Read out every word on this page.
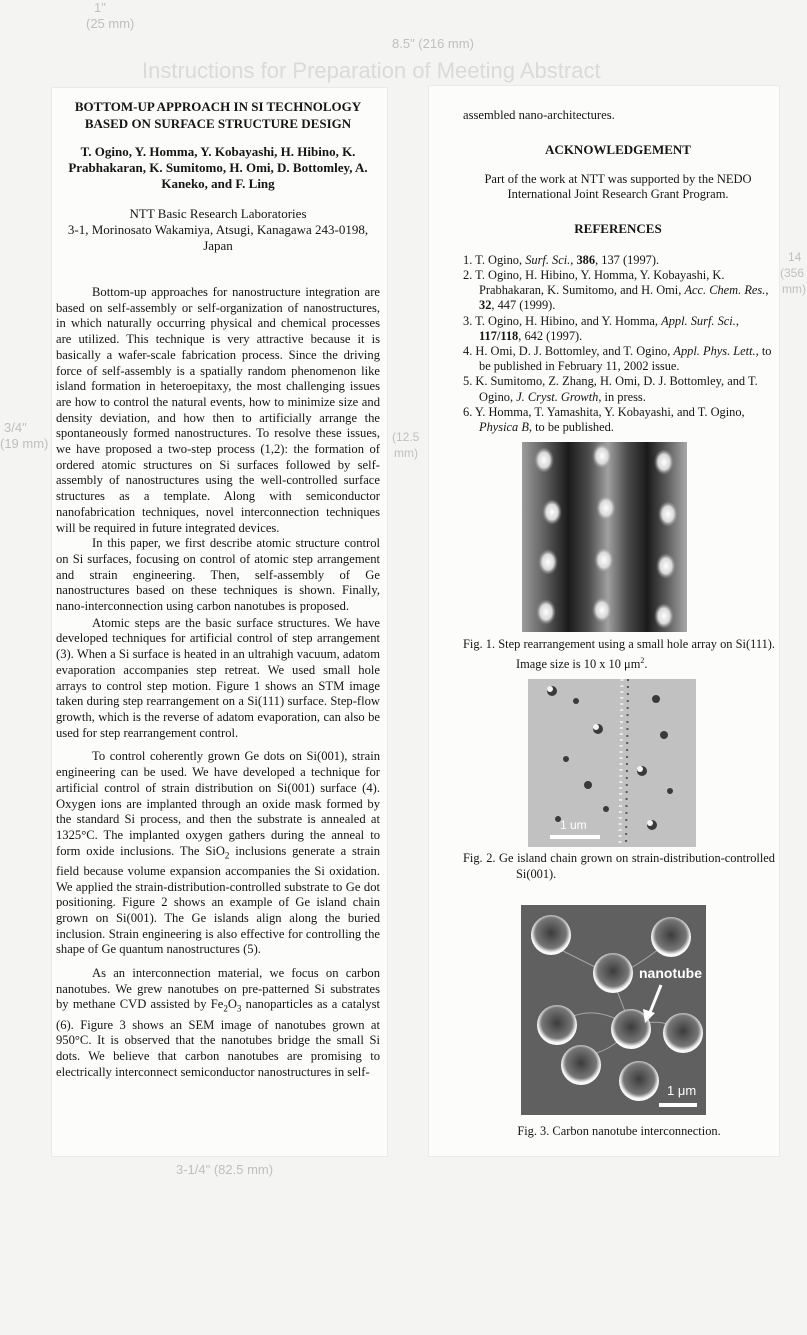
1"
(25 mm)
8.5" (216 mm)
Instructions for Preparation of Meeting Abstract
3/4"
(19 mm)
14
(356
mm)
(12.5
mm)
3-1/4" (82.5 mm)
BOTTOM-UP APPROACH IN SI TECHNOLOGY BASED ON SURFACE STRUCTURE DESIGN
T. Ogino, Y. Homma, Y. Kobayashi, H. Hibino, K. Prabhakaran, K. Sumitomo, H. Omi, D. Bottomley, A. Kaneko, and F. Ling
NTT Basic Research Laboratories
3-1, Morinosato Wakamiya, Atsugi, Kanagawa 243-0198, Japan

Bottom-up approaches for nanostructure integration are based on self-assembly or self-organization of nanostructures, in which naturally occurring physical and chemical processes are utilized. This technique is very attractive because it is basically a wafer-scale fabrication process. Since the driving force of self-assembly is a spatially random phenomenon like island formation in heteroepitaxy, the most challenging issues are how to control the natural events, how to minimize size and density deviation, and how then to artificially arrange the spontaneously formed nanostructures. To resolve these issues, we have proposed a two-step process (1,2): the formation of ordered atomic structures on Si surfaces followed by self-assembly of nanostructures using the well-controlled surface structures as a template. Along with semiconductor nanofabrication techniques, novel interconnection techniques will be required in future integrated devices.

In this paper, we first describe atomic structure control on Si surfaces, focusing on control of atomic step arrangement and strain engineering. Then, self-assembly of Ge nanostructures based on these techniques is shown. Finally, nano-interconnection using carbon nanotubes is proposed.

Atomic steps are the basic surface structures. We have developed techniques for artificial control of step arrangement (3). When a Si surface is heated in an ultrahigh vacuum, adatom evaporation accompanies step retreat. We used small hole arrays to control step motion. Figure 1 shows an STM image taken during step rearrangement on a Si(111) surface. Step-flow growth, which is the reverse of adatom evaporation, can also be used for step rearrangement control.

To control coherently grown Ge dots on Si(001), strain engineering can be used. We have developed a technique for artificial control of strain distribution on Si(001) surface (4). Oxygen ions are implanted through an oxide mask formed by the standard Si process, and then the substrate is annealed at 1325°C. The implanted oxygen gathers during the anneal to form oxide inclusions. The SiO$_2$ inclusions generate a strain field because volume expansion accompanies the Si oxidation. We applied the strain-distribution-controlled substrate to Ge dot positioning. Figure 2 shows an example of Ge island chain grown on Si(001). The Ge islands align along the buried inclusion. Strain engineering is also effective for controlling the shape of Ge quantum nanostructures (5).

As an interconnection material, we focus on carbon nanotubes. We grew nanotubes on pre-patterned Si substrates by methane CVD assisted by $Fe_2O_3$ nanoparticles as a catalyst (6). Figure 3 shows an SEM image of nanotubes grown at 950°C. It is observed that the nanotubes bridge the small Si dots. We believe that carbon nanotubes are promising to electrically interconnect semiconductor nanostructures in self-

assembled nano-architectures.

ACKNOWLEDGEMENT
Part of the work at NTT was supported by the NEDO International Joint Research Grant Program.
REFERENCES
1. T. Ogino, Surf. Sci., 386, 137 (1997).
2. T. Ogino, H. Hibino, Y. Homma, Y. Kobayashi, K. Prabhakaran, K. Sumitomo, and H. Omi, Acc. Chem. Res., 32, 447 (1999).
3. T. Ogino, H. Hibino, and Y. Homma, Appl. Surf. Sci., 117/118, 642 (1997).
4. H. Omi, D. J. Bottomley, and T. Ogino, Appl. Phys. Lett., to be published in February 11, 2002 issue.
5. K. Sumitomo, Z. Zhang, H. Omi, D. J. Bottomley, and T. Ogino, J. Cryst. Growth, in press.
6. Y. Homma, T. Yamashita, Y. Kobayashi, and T. Ogino, Physica B, to be published.

Fig. 1. Step rearrangement using a small hole array on Si(111). Image size is 10 x 10 $\mu m^2$.

1 um

Fig. 2. Ge island chain grown on strain-distribution-controlled Si(001).

nanotube
1 μm

Fig. 3. Carbon nanotube interconnection.
